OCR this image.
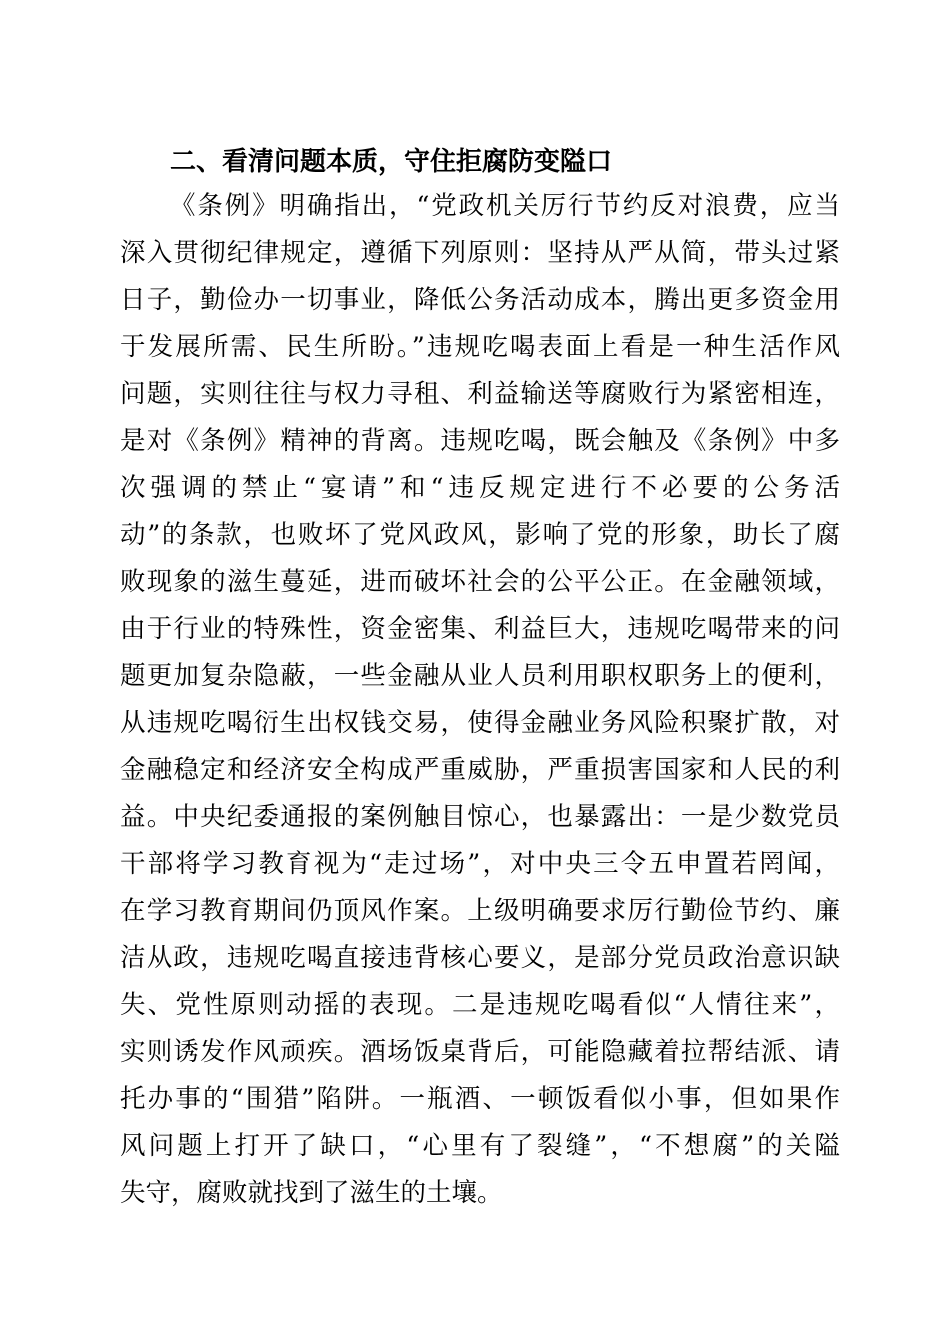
二、看清问题本质，守住拒腐防变隘口
《条例》明确指出，“党政机关厉行节约反对浪费，应当
深入贯彻纪律规定，遵循下列原则：坚持从严从简，带头过紧
日子，勤俭办一切事业，降低公务活动成本，腾出更多资金用
于发展所需、民生所盼。”违规吃喝表面上看是一种生活作风
问题，实则往往与权力寻租、利益输送等腐败行为紧密相连，
是对《条例》精神的背离。违规吃喝，既会触及《条例》中多
次强调的禁止“宴请”和“违反规定进行不必要的公务活
动”的条款，也败坏了党风政风，影响了党的形象，助长了腐
败现象的滋生蔓延，进而破坏社会的公平公正。在金融领域，
由于行业的特殊性，资金密集、利益巨大，违规吃喝带来的问
题更加复杂隐蔽，一些金融从业人员利用职权职务上的便利，
从违规吃喝衍生出权钱交易，使得金融业务风险积聚扩散，对
金融稳定和经济安全构成严重威胁，严重损害国家和人民的利
益。中央纪委通报的案例触目惊心，也暴露出：一是少数党员
干部将学习教育视为“走过场”，对中央三令五申置若罔闻，
在学习教育期间仍顶风作案。上级明确要求厉行勤俭节约、廉
洁从政，违规吃喝直接违背核心要义，是部分党员政治意识缺
失、党性原则动摇的表现。二是违规吃喝看似“人情往来”，
实则诱发作风顽疾。酒场饭桌背后，可能隐藏着拉帮结派、请
托办事的“围猎”陷阱。一瓶酒、一顿饭看似小事，但如果作
风问题上打开了缺口，“心里有了裂缝”，“不想腐”的关隘
失守，腐败就找到了滋生的土壤。
